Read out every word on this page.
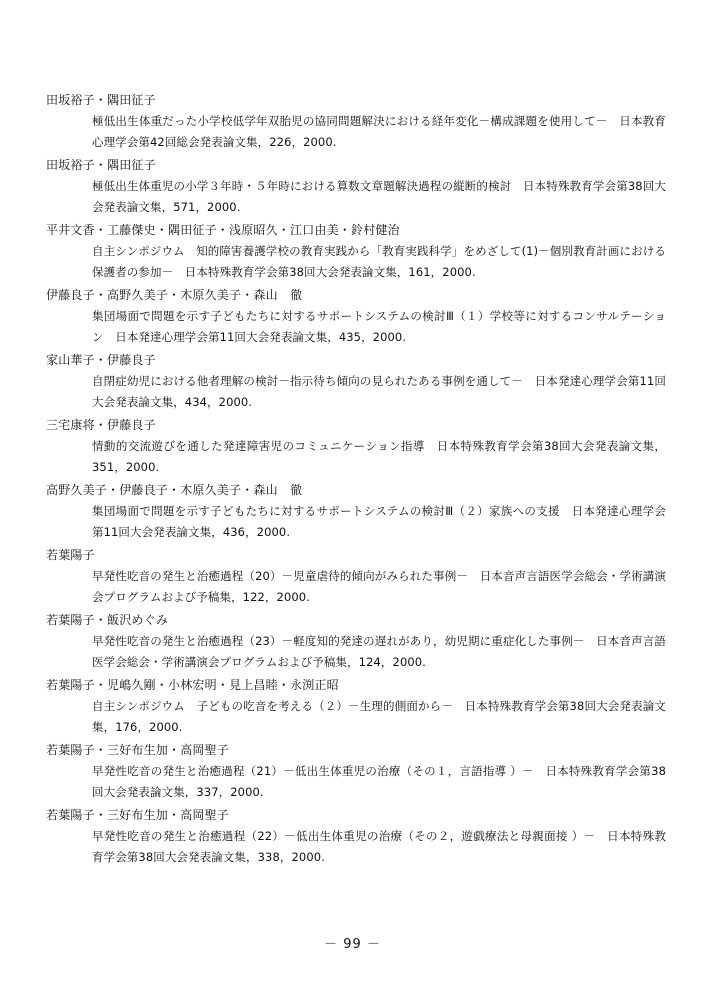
田坂裕子・隅田征子
極低出生体重だった小学校低学年双胎児の協同問題解決における経年変化－構成課題を使用して－　日本教育心理学会第42回総会発表論文集，226，2000.
田坂裕子・隅田征子
極低出生体重児の小学３年時・５年時における算数文章題解決過程の縦断的検討　日本特殊教育学会第38回大会発表論文集，571，2000.
平井文香・工藤傑史・隅田征子・浅原昭久・江口由美・鈴村健治
自主シンポジウム　知的障害養護学校の教育実践から「教育実践科学」をめざして(1)－個別教育計画における保護者の参加－　日本特殊教育学会第38回大会発表論文集，161，2000.
伊藤良子・高野久美子・木原久美子・森山　徹
集団場面で問題を示す子どもたちに対するサポートシステムの検討Ⅲ（１）学校等に対するコンサルテーション　日本発達心理学会第11回大会発表論文集，435，2000.
家山華子・伊藤良子
自閉症幼児における他者理解の検討－指示待ち傾向の見られたある事例を通して－　日本発達心理学会第11回大会発表論文集，434，2000.
三宅康将・伊藤良子
情動的交流遊びを通した発達障害児のコミュニケーション指導　日本特殊教育学会第38回大会発表論文集，351，2000.
高野久美子・伊藤良子・木原久美子・森山　徹
集団場面で問題を示す子どもたちに対するサポートシステムの検討Ⅲ（２）家族への支援　日本発達心理学会第11回大会発表論文集，436，2000.
若葉陽子
早発性吃音の発生と治癒過程（20）－児童虐待的傾向がみられた事例－　日本音声言語医学会総会・学術講演会プログラムおよび予稿集，122，2000.
若葉陽子・飯沢めぐみ
早発性吃音の発生と治癒過程（23）－軽度知的発達の遅れがあり，幼児期に重症化した事例－　日本音声言語医学会総会・学術講演会プログラムおよび予稿集，124，2000.
若葉陽子・児嶋久剛・小林宏明・見上昌睦・永渕正昭
自主シンポジウム　子どもの吃音を考える（２）－生理的側面から－　日本特殊教育学会第38回大会発表論文集，176，2000.
若葉陽子・三好布生加・高岡聖子
早発性吃音の発生と治癒過程（21）－低出生体重児の治療（その１，言語指導 ）－　日本特殊教育学会第38回大会発表論文集，337，2000.
若葉陽子・三好布生加・高岡聖子
早発性吃音の発生と治癒過程（22）－低出生体重児の治療（その２，遊戯療法と母親面接 ）－　日本特殊教育学会第38回大会発表論文集，338，2000.
－ 99 －
